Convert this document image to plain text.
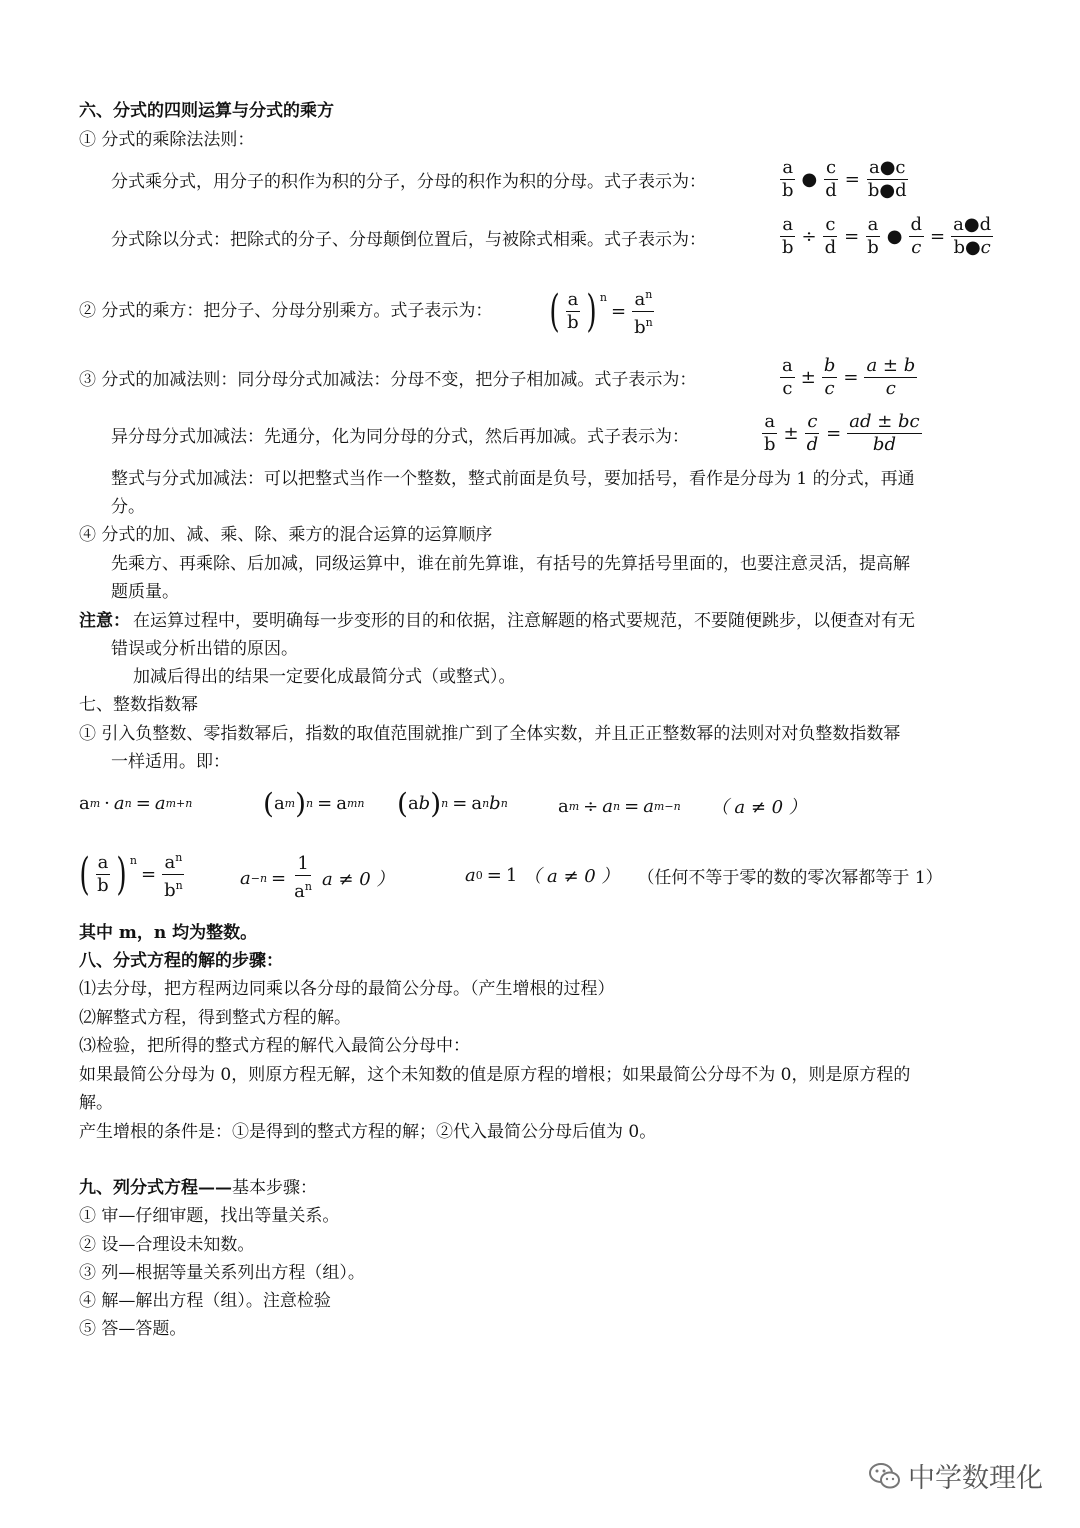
六、分式的四则运算与分式的乘方
① 分式的乘除法法则：
分式乘分式，用分子的积作为积的分子，分母的积作为积的分母。式子表示为：	$\frac{a}{b}$ ● $\frac{c}{d} = \frac{a●c}{b●d}$
分式除以分式：把除式的分子、分母颠倒位置后，与被除式相乘。式子表示为：	$\frac{a}{b} \div \frac{c}{d} = \frac{a}{b}$ ● $\frac{d}{c} = \frac{a●d}{b●c}$
② 分式的乘方：把分子、分母分别乘方。式子表示为： ( $\frac{a}{b}$ ) $^n$
= $\frac{a^n}{b^n}$
③ 分式的加减法则：同分母分式加减法：分母不变，把分子相加减。式子表示为：	$\frac{a}{c} \pm \frac{b}{c} = \frac{a \pm b}{c}$
异分母分式加减法：先通分，化为同分母的分式，然后再加减。式子表示为：	$\frac{a}{b} \pm \frac{c}{d} = \frac{ad \pm bc}{bd}$
整式与分式加减法：可以把整式当作一个整数，整式前面是负号，要加括号，看作是分母为 1 的分式，再通
分。
④ 分式的加、减、乘、除、乘方的混合运算的运算顺序
先乘方、再乘除、后加减，同级运算中，谁在前先算谁，有括号的先算括号里面的，也要注意灵活，提高解
题质量。
注意： 在运算过程中，要明确每一步变形的目的和依据，注意解题的格式要规范，不要随便跳步，以便查对有无
错误或分析出错的原因。
加减后得出的结果一定要化成最简分式（或整式）。
七、整数指数幂
① 引入负整数、零指数幂后，指数的取值范围就推广到了全体实数，并且正正整数幂的法则对对负整数指数幂
一样适用。即：
a m · a n = a m+n	( a m ) n = a mn ( a b ) n = a n b n	a m ÷ a n = a m−n （ a ≠ 0 ）
( $\frac{a}{b}$ ) $^n$
= $\frac{a^n}{b^n}$	$a -n = \frac{1}{a^n}$ a ≠ 0 ）	a 0 = 1 （ a ≠ 0 ） （任何不等于零的数的零次幂都等于 1）
其中 m，n 均为整数。
八、分式方程的解的步骤：
⑴去分母，把方程两边同乘以各分母的最简公分母。（产生增根的过程）
⑵解整式方程，得到整式方程的解。
⑶检验，把所得的整式方程的解代入最简公分母中：
如果最简公分母为 0，则原方程无解，这个未知数的值是原方程的增根；如果最简公分母不为 0，则是原方程的
解。
产生增根的条件是：①是得到的整式方程的解；②代入最简公分母后值为 0。
九、列分式方程——基本步骤：
① 审—仔细审题，找出等量关系。
② 设—合理设未知数。
③ 列—根据等量关系列出方程（组）。
④ 解—解出方程（组）。注意检验
⑤ 答—答题。
中学数理化
